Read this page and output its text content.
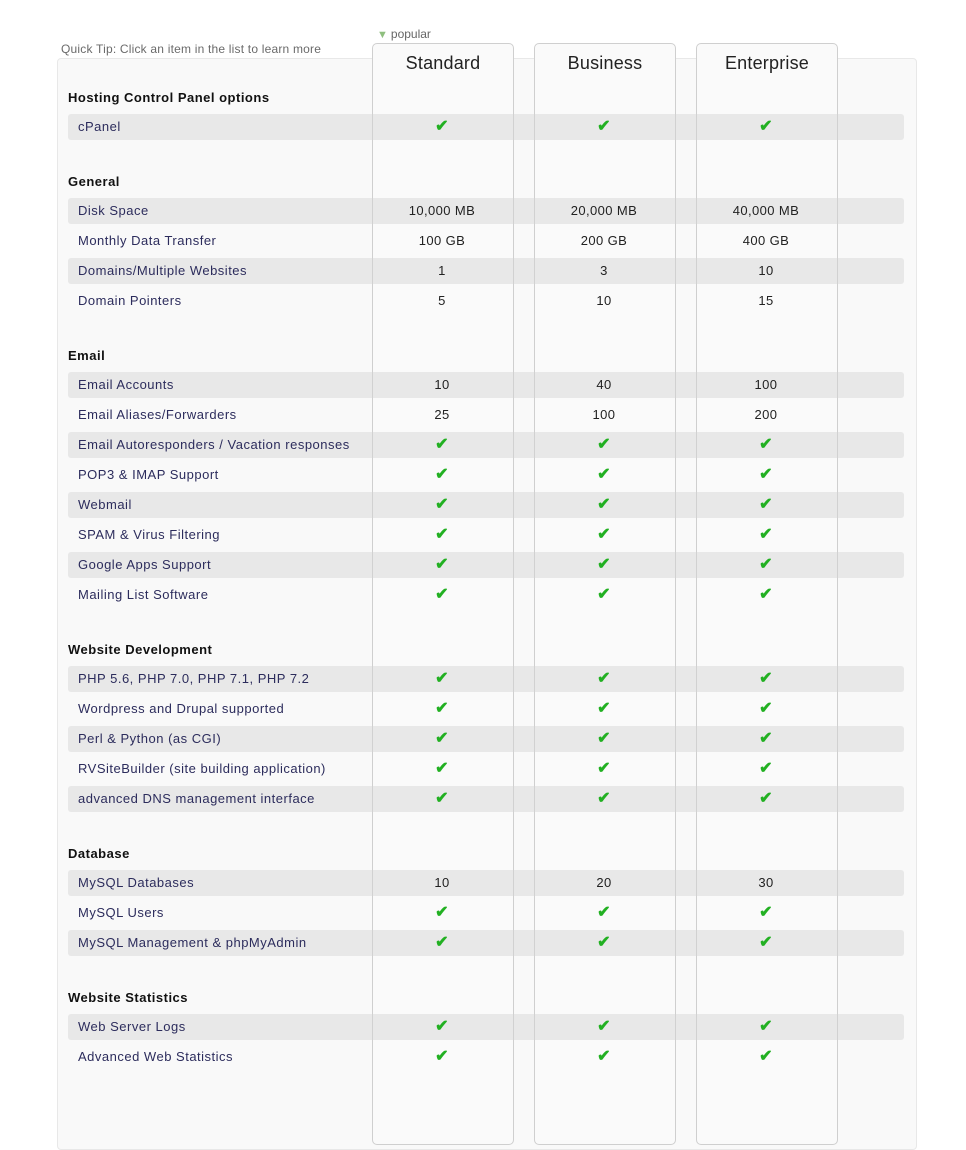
Quick Tip: Click an item in the list to learn more
▼ popular
Standard	Business	Enterprise
Hosting Control Panel options
cPanel	✔	✔	✔
General
Disk Space	10,000 MB	20,000 MB	40,000 MB
Monthly Data Transfer	100 GB	200 GB	400 GB
Domains/Multiple Websites	1	3	10
Domain Pointers	5	10	15
Email
Email Accounts	10	40	100
Email Aliases/Forwarders	25	100	200
Email Autoresponders / Vacation responses	✔	✔	✔
POP3 & IMAP Support	✔	✔	✔
Webmail	✔	✔	✔
SPAM & Virus Filtering	✔	✔	✔
Google Apps Support	✔	✔	✔
Mailing List Software	✔	✔	✔
Website Development
PHP 5.6, PHP 7.0, PHP 7.1, PHP 7.2	✔	✔	✔
Wordpress and Drupal supported	✔	✔	✔
Perl & Python (as CGI)	✔	✔	✔
RVSiteBuilder (site building application)	✔	✔	✔
advanced DNS management interface	✔	✔	✔
Database
MySQL Databases	10	20	30
MySQL Users	✔	✔	✔
MySQL Management & phpMyAdmin	✔	✔	✔
Website Statistics
Web Server Logs	✔	✔	✔
Advanced Web Statistics	✔	✔	✔
